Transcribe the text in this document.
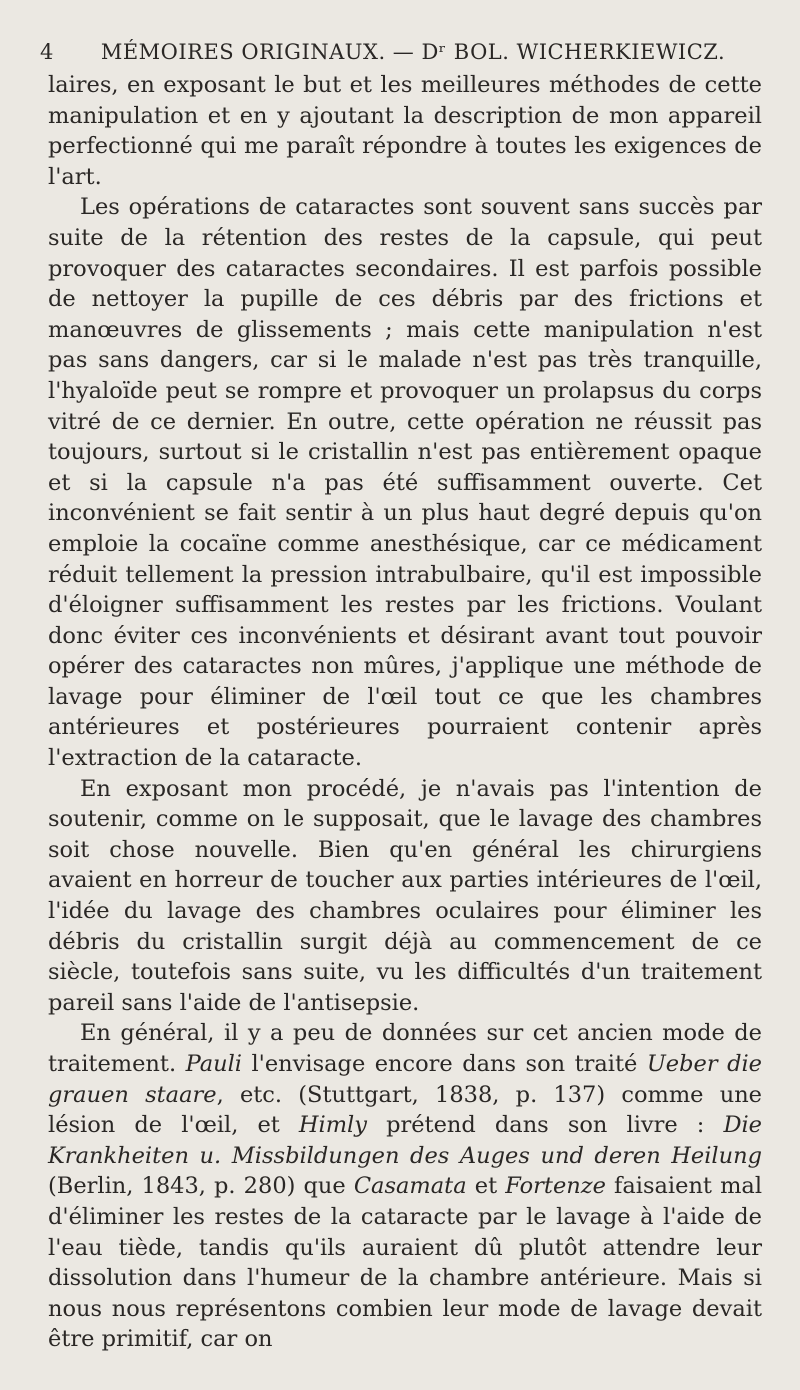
4	MÉMOIRES ORIGINAUX. — Dʳ BOL. WICHERKIEWICZ.

laires, en exposant le but et les meilleures méthodes de cette manipulation et en y ajoutant la description de mon appareil perfectionné qui me paraît répondre à toutes les exigences de l'art.

Les opérations de cataractes sont souvent sans succès par suite de la rétention des restes de la capsule, qui peut provoquer des cataractes secondaires. Il est parfois possible de nettoyer la pupille de ces débris par des frictions et manœuvres de glissements ; mais cette manipulation n'est pas sans dangers, car si le malade n'est pas très tranquille, l'hyaloïde peut se rompre et provoquer un prolapsus du corps vitré de ce dernier. En outre, cette opération ne réussit pas toujours, surtout si le cristallin n'est pas entièrement opaque et si la capsule n'a pas été suffisamment ouverte. Cet inconvénient se fait sentir à un plus haut degré depuis qu'on emploie la cocaïne comme anesthésique, car ce médicament réduit tellement la pression intrabulbaire, qu'il est impossible d'éloigner suffisamment les restes par les frictions. Voulant donc éviter ces inconvénients et désirant avant tout pouvoir opérer des cataractes non mûres, j'applique une méthode de lavage pour éliminer de l'œil tout ce que les chambres antérieures et postérieures pourraient contenir après l'extraction de la cataracte.

En exposant mon procédé, je n'avais pas l'intention de soutenir, comme on le supposait, que le lavage des chambres soit chose nouvelle. Bien qu'en général les chirurgiens avaient en horreur de toucher aux parties intérieures de l'œil, l'idée du lavage des chambres oculaires pour éliminer les débris du cristallin surgit déjà au commencement de ce siècle, toutefois sans suite, vu les difficultés d'un traitement pareil sans l'aide de l'antisepsie.

En général, il y a peu de données sur cet ancien mode de traitement. Pauli l'envisage encore dans son traité Ueber die grauen staare, etc. (Stuttgart, 1838, p. 137) comme une lésion de l'œil, et Himly prétend dans son livre : Die Krankheiten u. Missbildungen des Auges und deren Heilung (Berlin, 1843, p. 280) que Casamata et Fortenze faisaient mal d'éliminer les restes de la cataracte par le lavage à l'aide de l'eau tiède, tandis qu'ils auraient dû plutôt attendre leur dissolution dans l'humeur de la chambre antérieure. Mais si nous nous représentons combien leur mode de lavage devait être primitif, car on
